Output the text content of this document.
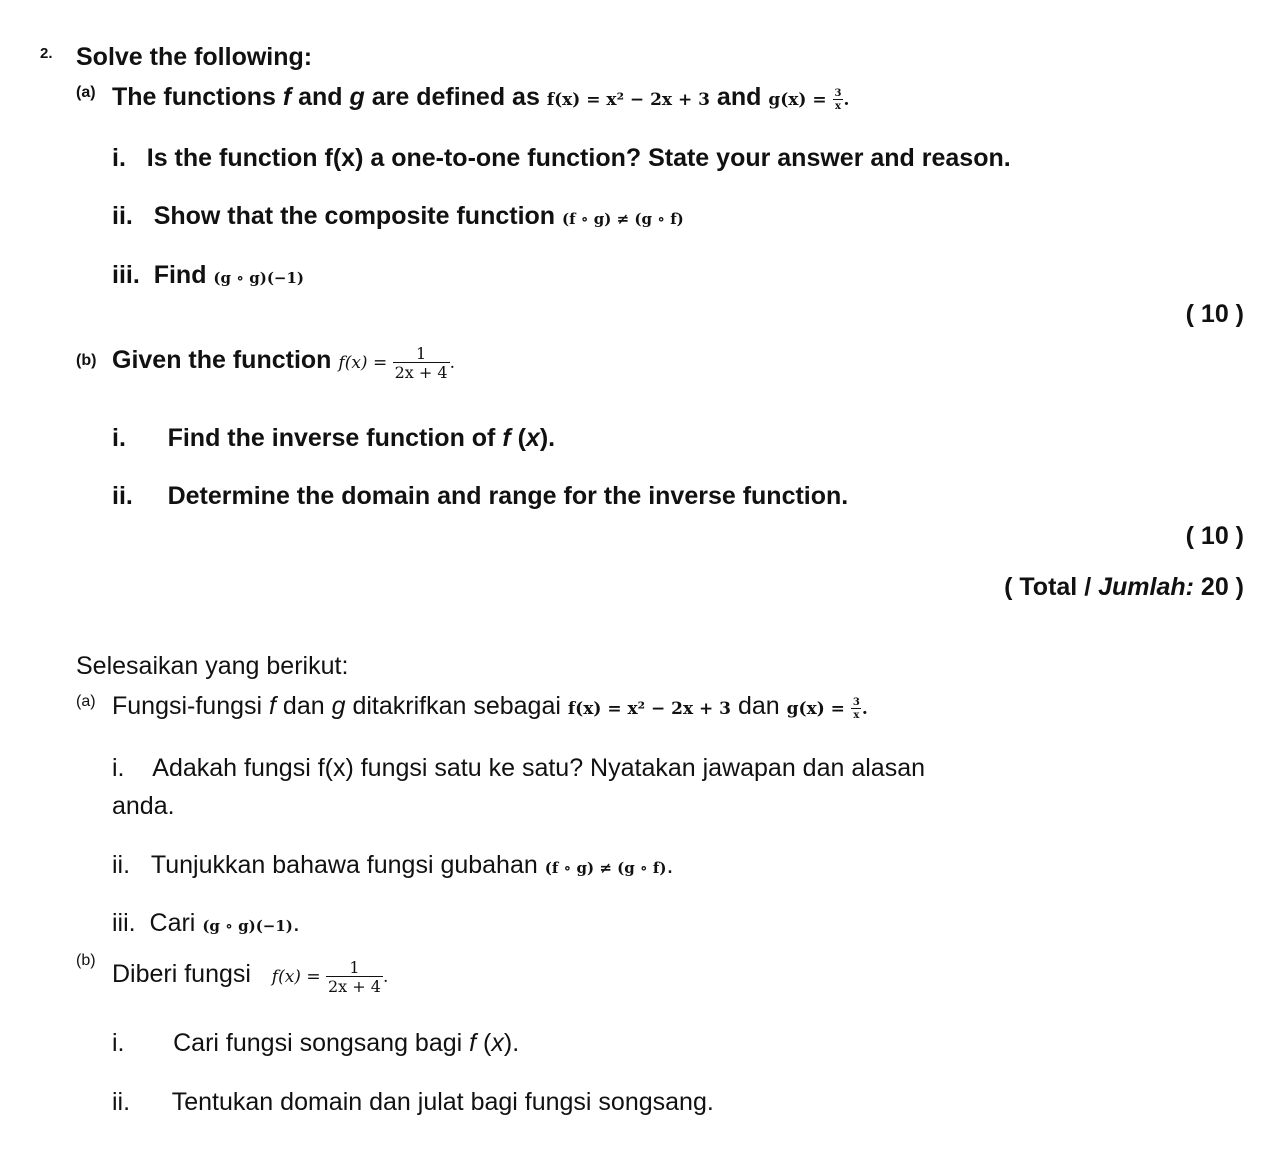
2. Solve the following:
(a) The functions f and g are defined as f(x) = x² − 2x + 3 and $g(x) = \frac{3}{x}$ .
i. Is the function f(x) a one-to-one function? State your answer and reason.
ii. Show that the composite function (f ∘ g) ≠ (g ∘ f)
iii. Find (g ∘ g)(−1)
( 10 )
(b) Given the function $f(x) = \frac{1}{2x + 4}$ .
i. Find the inverse function of f (x).
ii. Determine the domain and range for the inverse function.
( 10 )
( Total / Jumlah: 20 )
Selesaikan yang berikut:
(a) Fungsi-fungsi f dan g ditakrifkan sebagai f(x) = x² − 2x + 3 dan $g(x) = \frac{3}{x}$ .
i. Adakah fungsi f(x) fungsi satu ke satu? Nyatakan jawapan dan alasan
anda.
ii. Tunjukkan bahawa fungsi gubahan (f ∘ g) ≠ (g ∘ f).
iii. Cari (g ∘ g)(−1).
(b) Diberi fungsi $f(x) = \frac{1}{2x + 4}$ .
i. Cari fungsi songsang bagi f (x).
ii. Tentukan domain dan julat bagi fungsi songsang.
